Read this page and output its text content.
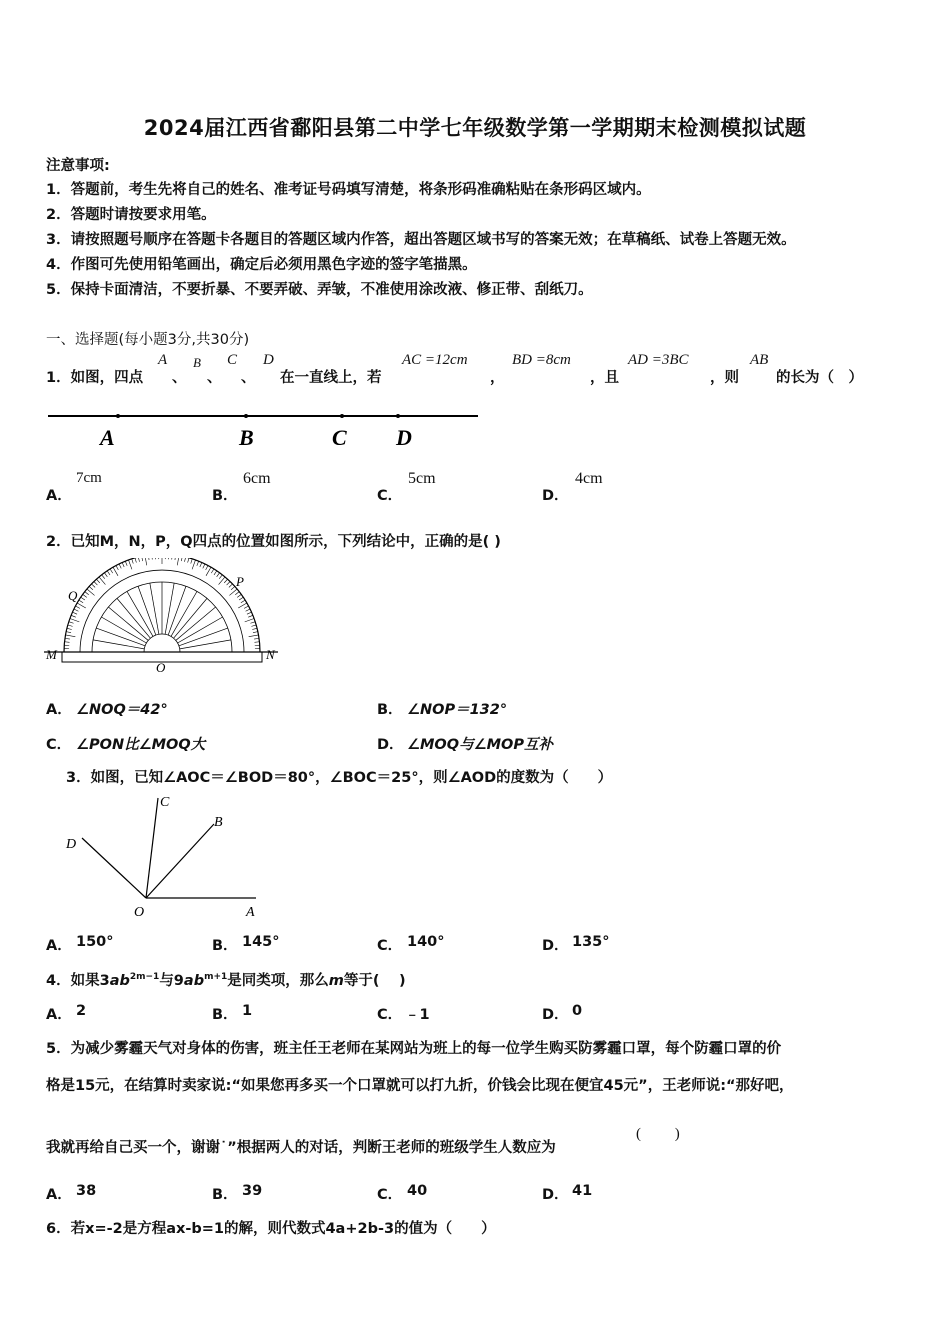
2024届江西省鄱阳县第二中学七年级数学第一学期期末检测模拟试题
注意事项:
1．答题前，考生先将自己的姓名、准考证号码填写清楚，将条形码准确粘贴在条形码区域内。
2．答题时请按要求用笔。
3．请按照题号顺序在答题卡各题目的答题区域内作答，超出答题区域书写的答案无效；在草稿纸、试卷上答题无效。
4．作图可先使用铅笔画出，确定后必须用黑色字迹的签字笔描黑。
5．保持卡面清洁，不要折暴、不要弄破、弄皱，不准使用涂改液、修正带、刮纸刀。
一、选择题(每小题3分,共30分)
1．如图，四点
A
、
B
、
C
、
D
在一直线上，若
AC =12cm
，
BD =8cm
，且
AD =3BC
，则
AB
的长为（　）
A	B	C D
A．
7cm
B．
6cm
C．
5cm
D．
4cm
2．已知M，N，P，Q四点的位置如图所示，下列结论中，正确的是( )
Q
P
M	N
O
A． ∠NOQ＝42°	B． ∠NOP＝132°
C． ∠PON比∠MOQ大	D． ∠MOQ与∠MOP互补
3．如图，已知∠AOC＝∠BOD＝80°，∠BOC＝25°，则∠AOD的度数为（　　）
C
B
D
O	A
A． 150°	B． 145°	C． 140°	D． 135°
4．如果$3ab^{2m-1}$与$9ab^{m+1}$是同类项，那么m等于(　 )
A． 2	B． 1	C． ﹣1	D． 0
5．为减少雾霾天气对身体的伤害，班主任王老师在某网站为班上的每一位学生购买防雾霾口罩，每个防霾口罩的价
格是15元，在结算时卖家说:“如果您再多买一个口罩就可以打九折，价钱会比现在便宜45元”，王老师说:“那好吧，
我就再给自己买一个，谢谢˙”根据两人的对话，判断王老师的班级学生人数应为
(　　 )
A． 38	B． 39	C． 40	D． 41
6．若x=-2是方程ax-b=1的解，则代数式4a+2b-3的值为（　　）
